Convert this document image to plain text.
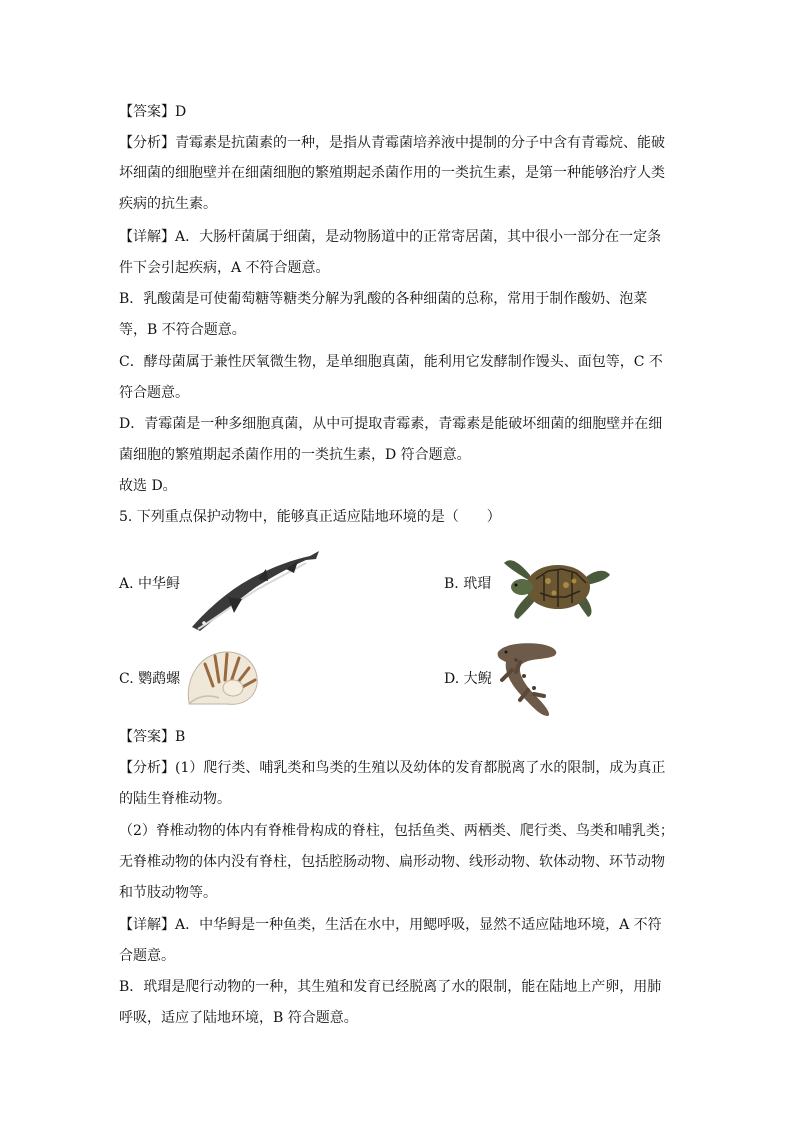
【答案】D
【分析】青霉素是抗菌素的一种，是指从青霉菌培养液中提制的分子中含有青霉烷、能破
坏细菌的细胞壁并在细菌细胞的繁殖期起杀菌作用的一类抗生素，是第一种能够治疗人类
疾病的抗生素。
【详解】A．大肠杆菌属于细菌，是动物肠道中的正常寄居菌，其中很小一部分在一定条
件下会引起疾病，A 不符合题意。
B．乳酸菌是可使葡萄糖等糖类分解为乳酸的各种细菌的总称，常用于制作酸奶、泡菜
等，B 不符合题意。
C．酵母菌属于兼性厌氧微生物，是单细胞真菌，能利用它发酵制作馒头、面包等，C 不
符合题意。
D．青霉菌是一种多细胞真菌，从中可提取青霉素，青霉素是能破坏细菌的细胞壁并在细
菌细胞的繁殖期起杀菌作用的一类抗生素，D 符合题意。
故选 D。
5. 下列重点保护动物中，能够真正适应陆地环境的是（　　）
A. 中华鲟	B. 玳瑁
C. 鹦鹉螺	D. 大鲵
【答案】B
【分析】(1）爬行类、哺乳类和鸟类的生殖以及幼体的发育都脱离了水的限制，成为真正
的陆生脊椎动物。
（2）脊椎动物的体内有脊椎骨构成的脊柱，包括鱼类、两栖类、爬行类、鸟类和哺乳类；
无脊椎动物的体内没有脊柱，包括腔肠动物、扁形动物、线形动物、软体动物、环节动物
和节肢动物等。
【详解】A．中华鲟是一种鱼类，生活在水中，用鳃呼吸，显然不适应陆地环境，A 不符
合题意。
B．玳瑁是爬行动物的一种，其生殖和发育已经脱离了水的限制，能在陆地上产卵，用肺
呼吸，适应了陆地环境，B 符合题意。
